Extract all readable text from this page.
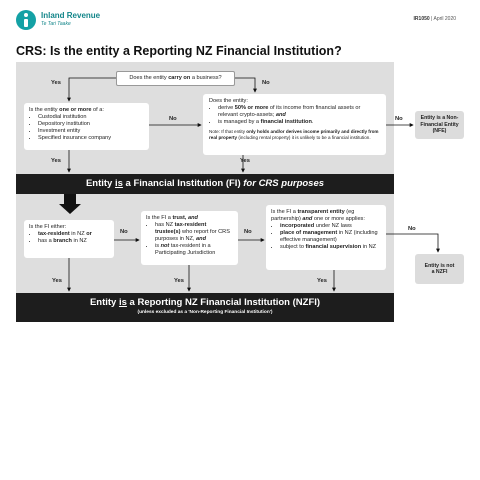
Inland Revenue
Te Tari Taake
IR1050 | April 2020
CRS: Is the entity a Reporting NZ Financial Institution?
Does the entity carry on a business?
Is the entity one or more of a:
• Custodial institution
• Depository institution
• Investment entity
• Specified insurance company
Does the entity:
• derive 50% or more of its income from financial assets or relevant crypto-assets; and
• is managed by a financial institution.
Note: If that entity only holds and/or derives income primarily and directly from real property (including rental property) it is unlikely to be a financial institution.
Entity is a Non-Financial Entity (NFE)
Entity is a Financial Institution (FI) for CRS purposes
Is the FI either:
• tax-resident in NZ or
• has a branch in NZ
Is the FI a trust, and
• has NZ tax-resident trustee(s) who report for CRS purposes in NZ, and
• is not tax-resident in a Participating Jurisdiction
Is the FI a transparent entity (eg partnership) and one or more applies:
• incorporated under NZ laws
• place of management in NZ (including effective management)
• subject to financial supervision in NZ
Entity is not a NZFI
Entity is a Reporting NZ Financial Institution (NZFI)
(unless excluded as a 'Non-Reporting Financial Institution')
Yes	No
No	No
Yes	Yes
No	No	No
Yes	Yes	Yes
